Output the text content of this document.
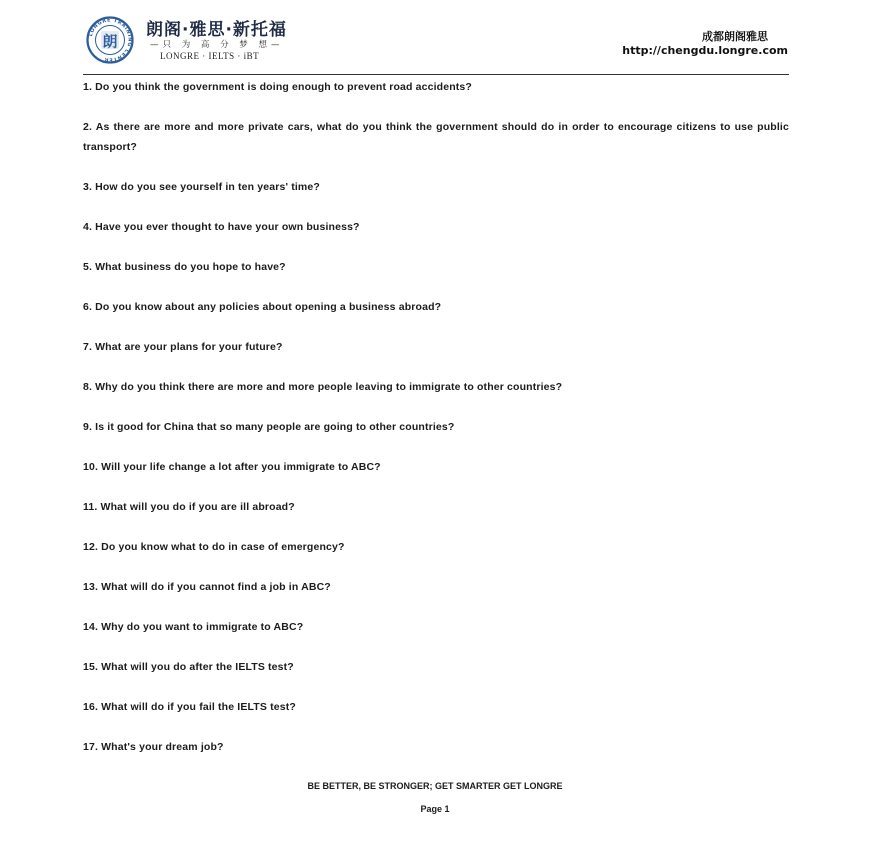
LONGRE TRAINING CENTER
朗
朗阁·雅思·新托福
—只 为 高 分 梦 想—
LONGRE · IELTS · iBT
成都朗阁雅思
http://chengdu.longre.com
1. Do you think the government is doing enough to prevent road accidents?
2. As there are more and more private cars, what do you think the government should do in order to encourage citizens to use public transport?
3. How do you see yourself in ten years' time?
4. Have you ever thought to have your own business?
5. What business do you hope to have?
6. Do you know about any policies about opening a business abroad?
7. What are your plans for your future?
8. Why do you think there are more and more people leaving to immigrate to other countries?
9. Is it good for China that so many people are going to other countries?
10. Will your life change a lot after you immigrate to ABC?
11. What will you do if you are ill abroad?
12. Do you know what to do in case of emergency?
13. What will do if you cannot find a job in ABC?
14. Why do you want to immigrate to ABC?
15. What will you do after the IELTS test?
16. What will do if you fail the IELTS test?
17. What's your dream job?
BE BETTER, BE STRONGER; GET SMARTER GET LONGRE
Page 1
